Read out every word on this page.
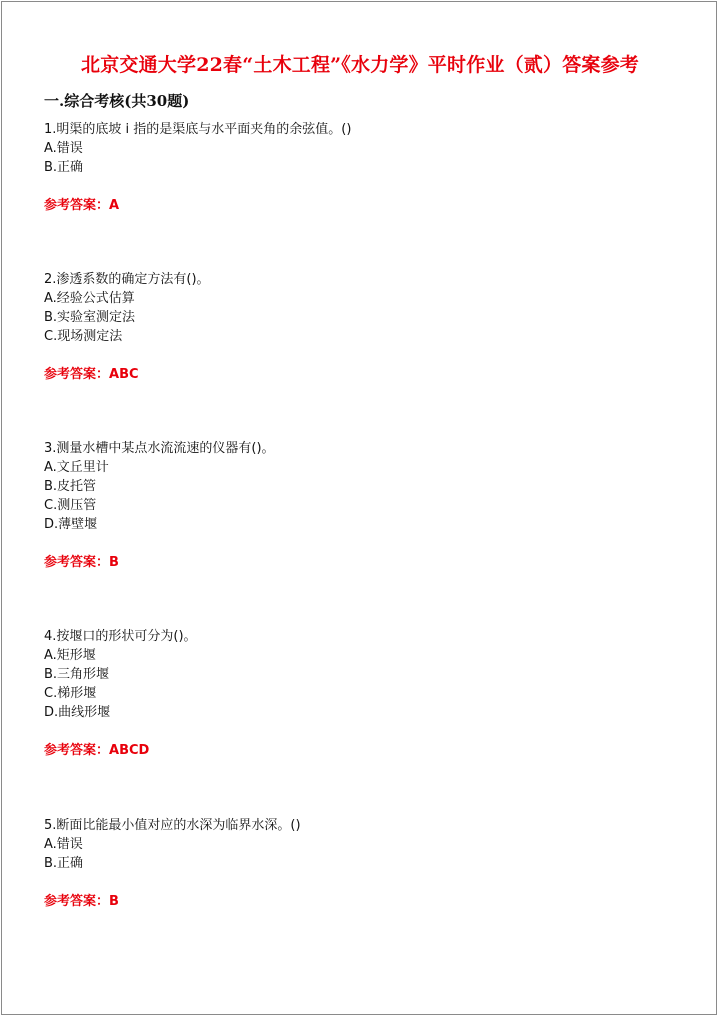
北京交通大学22春“土木工程”《水力学》平时作业（贰）答案参考
一.综合考核(共30题)
1.明渠的底坡 i 指的是渠底与水平面夹角的余弦值。()
A.错误
B.正确
参考答案：A
2.渗透系数的确定方法有()。
A.经验公式估算
B.实验室测定法
C.现场测定法
参考答案：ABC
3.测量水槽中某点水流流速的仪器有()。
A.文丘里计
B.皮托管
C.测压管
D.薄壁堰
参考答案：B
4.按堰口的形状可分为()。
A.矩形堰
B.三角形堰
C.梯形堰
D.曲线形堰
参考答案：ABCD
5.断面比能最小值对应的水深为临界水深。()
A.错误
B.正确
参考答案：B
